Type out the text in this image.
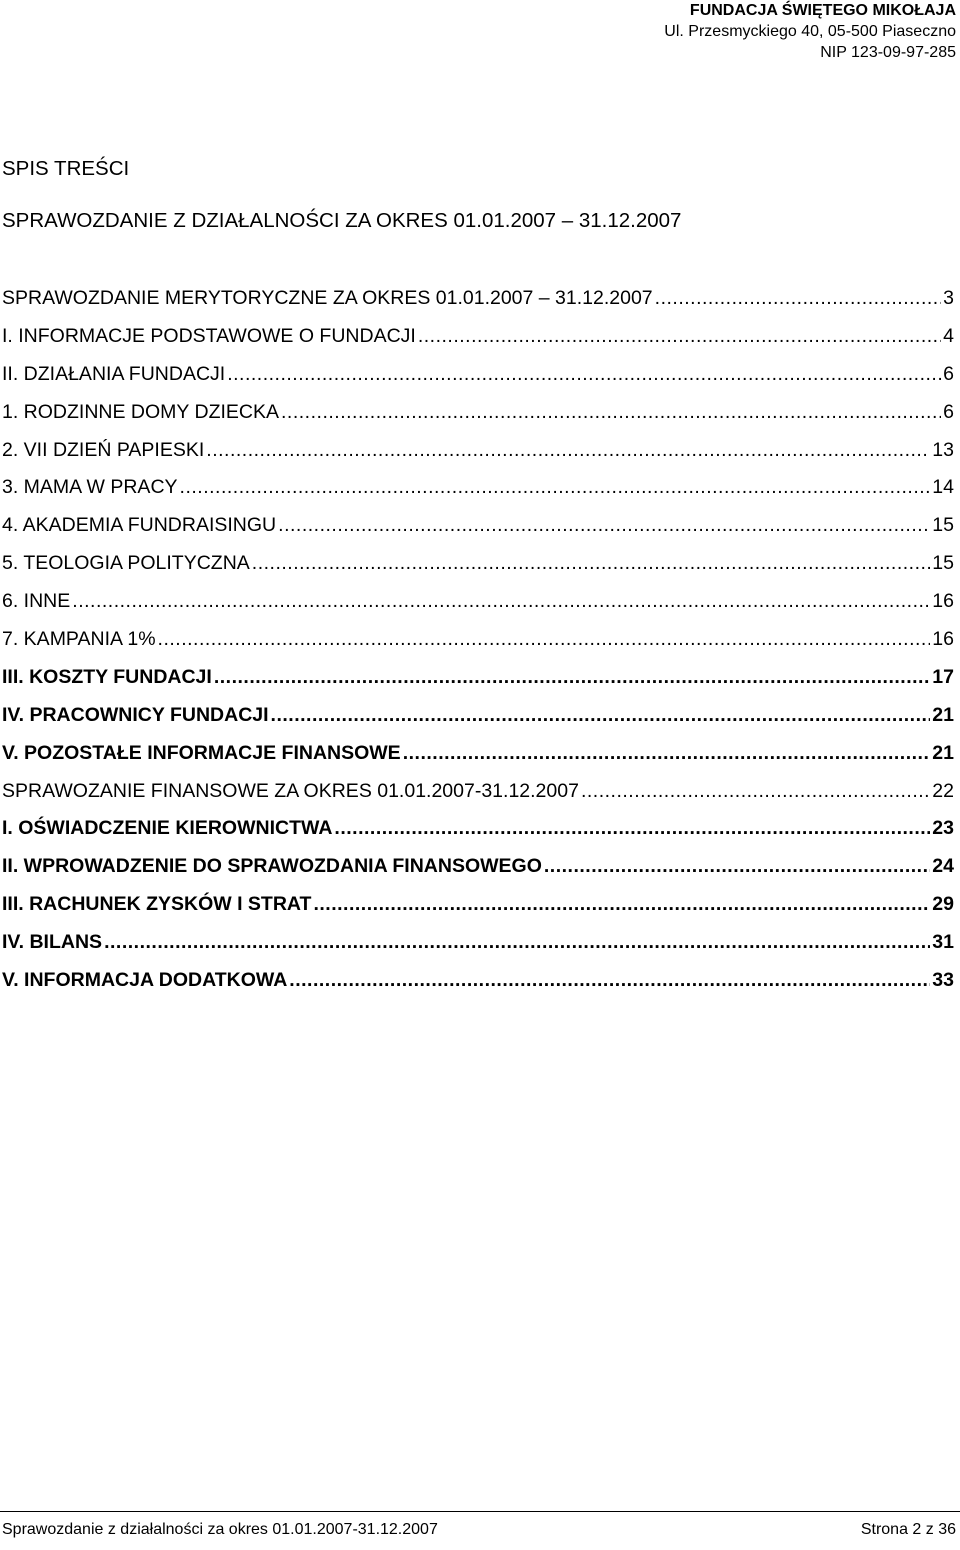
FUNDACJA ŚWIĘTEGO MIKOŁAJA
Ul. Przesmyckiego 40, 05-500 Piaseczno
NIP 123-09-97-285
SPIS TREŚCI
SPRAWOZDANIE Z DZIAŁALNOŚCI ZA OKRES 01.01.2007 – 31.12.2007
SPRAWOZDANIE MERYTORYCZNE ZA OKRES 01.01.2007 – 31.12.2007 .....	3
I. INFORMACJE PODSTAWOWE O FUNDACJI .....	4
II. DZIAŁANIA FUNDACJI .....	6
1. RODZINNE DOMY DZIECKA .....	6
2. VII DZIEŃ PAPIESKI .....	13
3. MAMA W PRACY .....	14
4. AKADEMIA FUNDRAISINGU .....	15
5. TEOLOGIA POLITYCZNA .....	15
6. INNE .....	16
7. KAMPANIA 1% .....	16
III. KOSZTY FUNDACJI .....	17
IV. PRACOWNICY FUNDACJI .....	21
V. POZOSTAŁE INFORMACJE FINANSOWE .....	21
SPRAWOZANIE FINANSOWE ZA OKRES 01.01.2007-31.12.2007 .....	22
I. OŚWIADCZENIE KIEROWNICTWA .....	23
II. WPROWADZENIE DO SPRAWOZDANIA FINANSOWEGO .....	24
III. RACHUNEK ZYSKÓW I STRAT .....	29
IV. BILANS .....	31
V. INFORMACJA DODATKOWA .....	33
Sprawozdanie z działalności za okres 01.01.2007-31.12.2007	Strona 2 z 36
